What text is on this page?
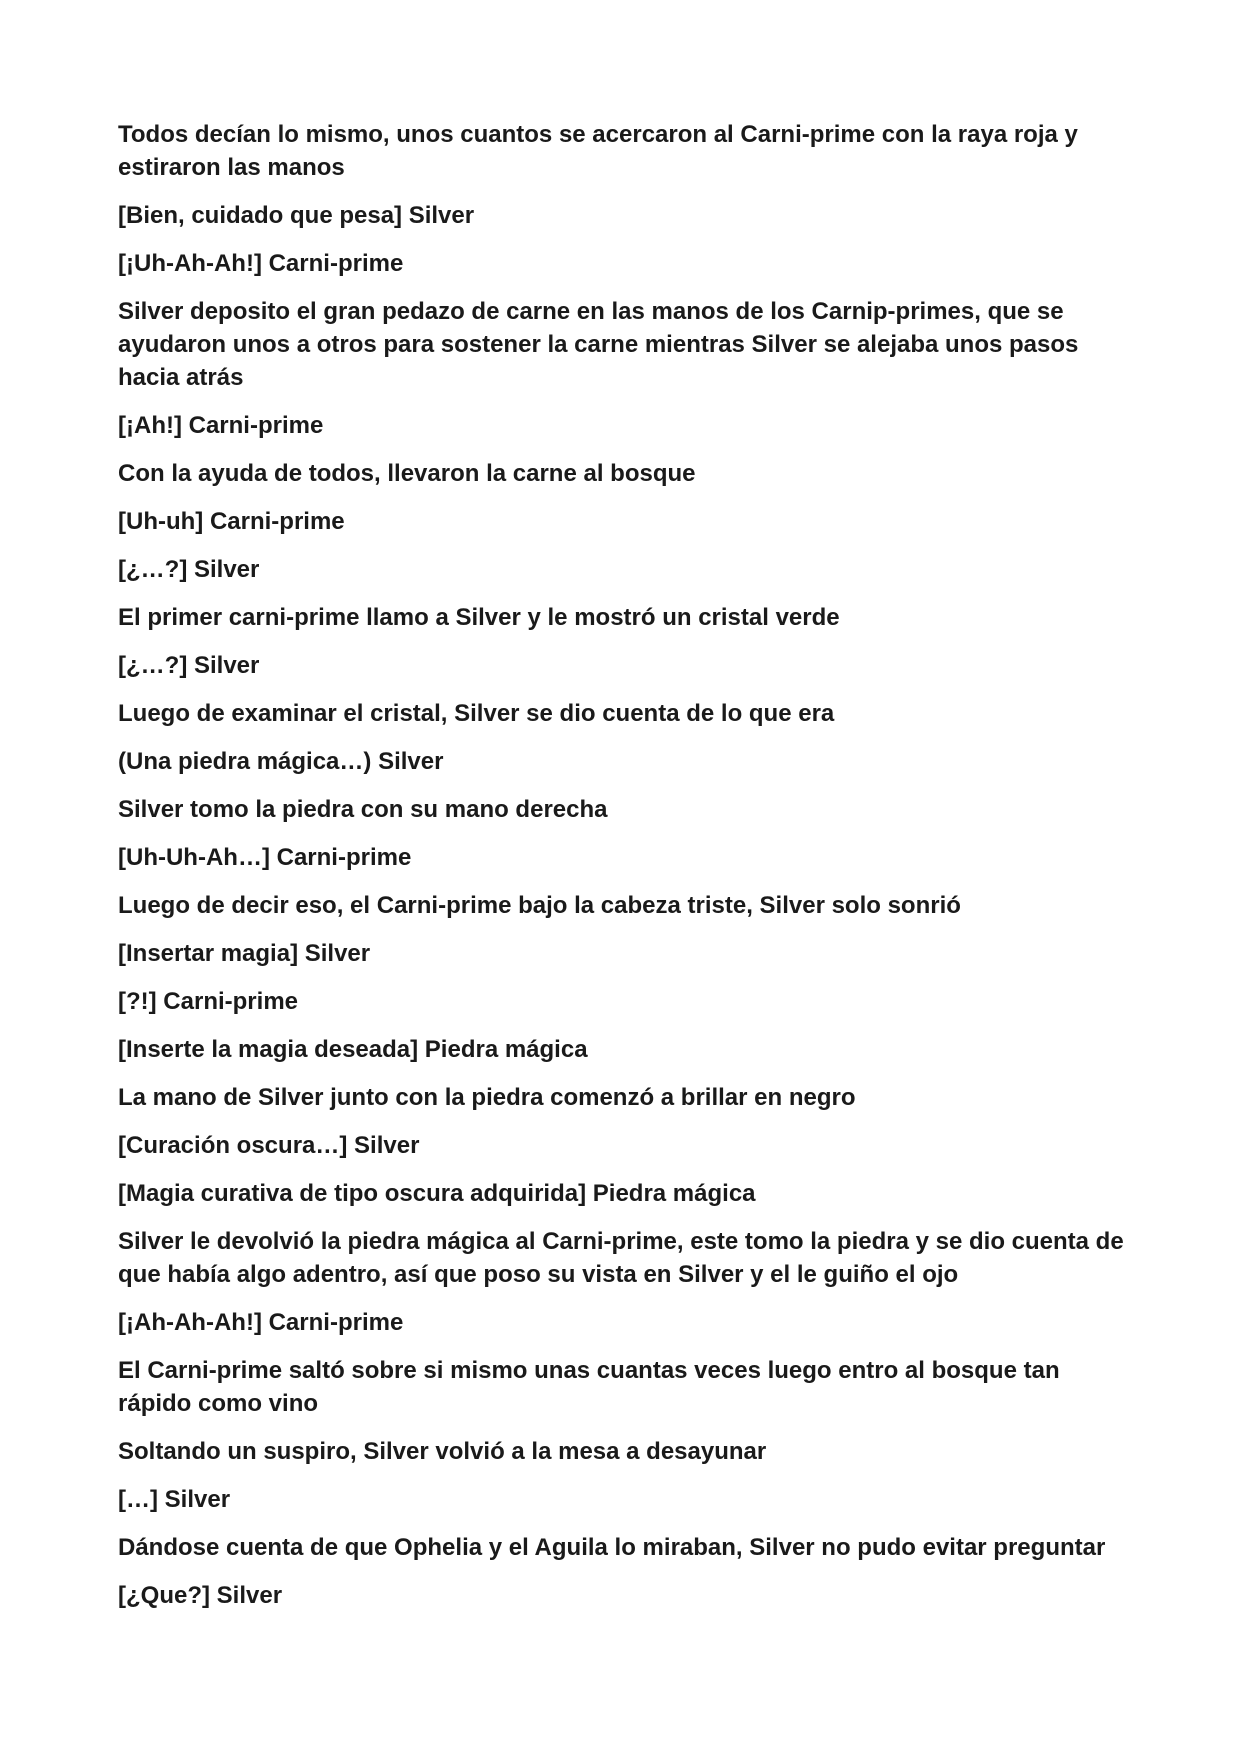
Todos decían lo mismo, unos cuantos se acercaron al Carni-prime con la raya roja y estiraron las manos

[Bien, cuidado que pesa] Silver

[¡Uh-Ah-Ah!] Carni-prime

Silver deposito el gran pedazo de carne en las manos de los Carnip-primes, que se ayudaron unos a otros para sostener la carne mientras Silver se alejaba unos pasos hacia atrás

[¡Ah!] Carni-prime

Con la ayuda de todos, llevaron la carne al bosque

[Uh-uh] Carni-prime

[¿…?] Silver

El primer carni-prime llamo a Silver y le mostró un cristal verde

[¿…?] Silver

Luego de examinar el cristal, Silver se dio cuenta de lo que era

(Una piedra mágica…) Silver

Silver tomo la piedra con su mano derecha

[Uh-Uh-Ah…] Carni-prime

Luego de decir eso, el Carni-prime bajo la cabeza triste, Silver solo sonrió

[Insertar magia] Silver

[?!] Carni-prime

[Inserte la magia deseada] Piedra mágica

La mano de Silver junto con la piedra comenzó a brillar en negro

[Curación oscura…] Silver

[Magia curativa de tipo oscura adquirida] Piedra mágica

Silver le devolvió la piedra mágica al Carni-prime, este tomo la piedra y se dio cuenta de que había algo adentro, así que poso su vista en Silver y el le guiño el ojo

[¡Ah-Ah-Ah!] Carni-prime

El Carni-prime saltó sobre si mismo unas cuantas veces luego entro al bosque tan rápido como vino

Soltando un suspiro, Silver volvió a la mesa a desayunar

[…] Silver

Dándose cuenta de que Ophelia y el Aguila lo miraban, Silver no pudo evitar preguntar

[¿Que?] Silver
